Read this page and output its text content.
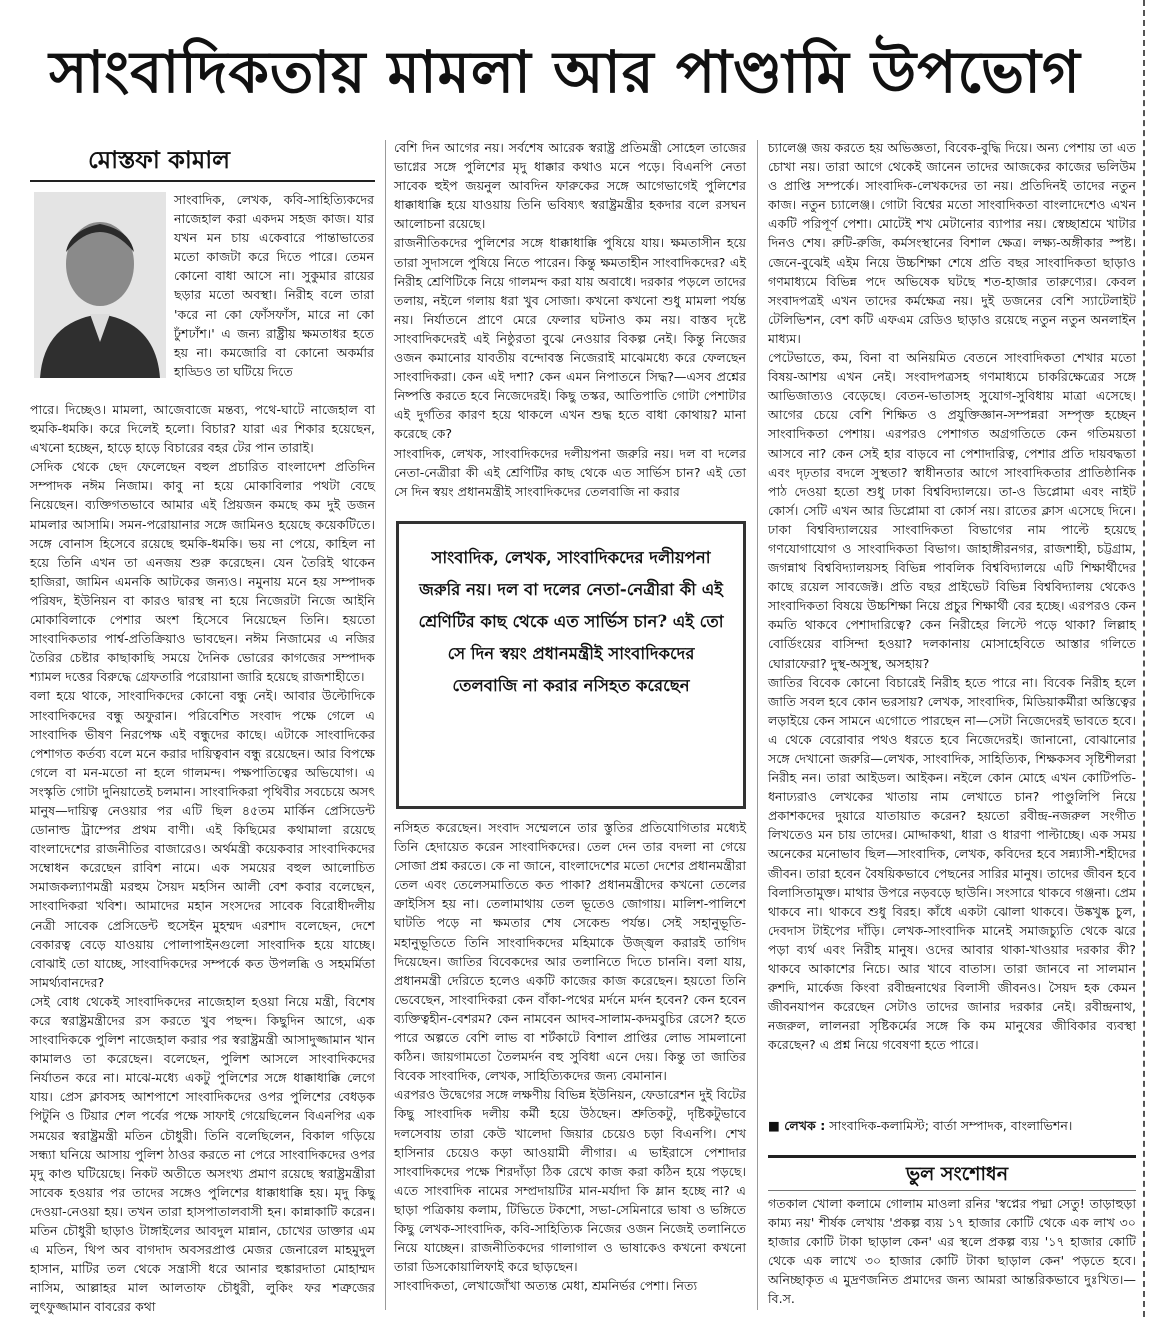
সাংবাদিকতায় মামলা আর পাণ্ডামি উপভোগ
মোস্তফা কামাল

সাংবাদিক, লেখক, কবি-সাহিত্যিকদের নাজেহাল করা একদম সহজ কাজ। যার যখন মন চায় একেবারে পান্তাভাতের মতো কাজটা করে দিতে পারে। তেমন কোনো বাধা আসে না। সুকুমার রায়ের ছড়ার মতো অবস্থা। নিরীহ বলে তারা 'করে না কো ফোঁসফাঁস, মারে না কো ঢুঁশঢাঁশ।' এ জন্য রাষ্ট্রীয় ক্ষমতাধর হতে হয় না। কমজোরি বা কোনো অকর্মার হাড্ডিও তা ঘটিয়ে দিতে

পারে। দিচ্ছেও। মামলা, আজেবাজে মন্তব্য, পথে-ঘাটে নাজেহাল বা হুমকি-ধমকি। করে দিলেই হলো। বিচার? যারা এর শিকার হয়েছেন, এখনো হচ্ছেন, হাড়ে হাড়ে বিচারের বহর টের পান তারাই।

সেদিক থেকে ছেদ ফেলেছেন বহুল প্রচারিত বাংলাদেশ প্রতিদিন সম্পাদক নঈম নিজাম। কাবু না হয়ে মোকাবিলার পথটা বেছে নিয়েছেন। ব্যক্তিগতভাবে আমার এই প্রিয়জন কমছে কম দুই ডজন মামলার আসামি। সমন-পরোয়ানার সঙ্গে জামিনও হয়েছে কয়েকটিতে। সঙ্গে বোনাস হিসেবে রয়েছে হুমকি-ধমকি। ভয় না পেয়ে, কাহিল না হয়ে তিনি এখন তা এনজয় শুরু করেছেন। যেন তৈরিই থাকেন হাজিরা, জামিন এমনকি আটকের জন্যও। নমুনায় মনে হয় সম্পাদক পরিষদ, ইউনিয়ন বা কারও দ্বারস্থ না হয়ে নিজেরটা নিজে আইনি মোকাবিলাকে পেশার অংশ হিসেবে নিয়েছেন তিনি। হয়তো সাংবাদিকতার পার্শ্ব-প্রতিক্রিয়াও ভাবছেন। নঈম নিজামের এ নজির তৈরির চেষ্টার কাছাকাছি সময়ে দৈনিক ভোরের কাগজের সম্পাদক শ্যামল দত্তের বিরুদ্ধে গ্রেফতারি পরোয়ানা জারি হয়েছে রাজশাহীতে।

বলা হয়ে থাকে, সাংবাদিকদের কোনো বন্ধু নেই। আবার উল্টোদিকে সাংবাদিকদের বন্ধু অফুরান। পরিবেশিত সংবাদ পক্ষে গেলে এ সাংবাদিক ভীষণ নিরপেক্ষ এই বন্ধুদের কাছে। এটাকে সাংবাদিকের পেশাগত কর্তব্য বলে মনে করার দায়িত্ববান বন্ধু রয়েছেন। আর বিপক্ষে গেলে বা মন-মতো না হলে গালমন্দ। পক্ষপাতিত্বের অভিযোগ। এ সংস্কৃতি গোটা দুনিয়াতেই চলমান। সাংবাদিকরা পৃথিবীর সবচেয়ে অসৎ মানুষ—দায়িত্ব নেওয়ার পর এটি ছিল ৪৫তম মার্কিন প্রেসিডেন্ট ডোনাল্ড ট্রাম্পের প্রথম বাণী। এই কিছিমের কথামালা রয়েছে বাংলাদেশের রাজনীতির বাজারেও। অর্থমন্ত্রী কয়েকবার সাংবাদিকদের সম্বোধন করেছেন রাবিশ নামে। এক সময়ের বহুল আলোচিত সমাজকল্যাণমন্ত্রী মরহুম সৈয়দ মহসিন আলী বেশ কবার বলেছেন, সাংবাদিকরা খবিশ। আমাদের মহান সংসদের সাবেক বিরোধীদলীয় নেত্রী সাবেক প্রেসিডেন্ট হুসেইন মুহম্মদ এরশাদ বলেছেন, দেশে বেকারত্ব বেড়ে যাওয়ায় পোলাপাইনগুলো সাংবাদিক হয়ে যাচ্ছে। বোঝাই তো যাচ্ছে, সাংবাদিকদের সম্পর্কে কত উপলব্ধি ও সহমর্মিতা সামর্থ্যবানদের?

সেই বোধ থেকেই সাংবাদিকদের নাজেহাল হওয়া নিয়ে মন্ত্রী, বিশেষ করে স্বরাষ্ট্রমন্ত্রীদের রস করতে খুব পছন্দ। কিছুদিন আগে, এক সাংবাদিককে পুলিশ নাজেহাল করার পর স্বরাষ্ট্রমন্ত্রী আসাদুজ্জামান খান কামালও তা করেছেন। বলেছেন, পুলিশ আসলে সাংবাদিকদের নির্যাতন করে না। মাঝে-মধ্যে একটু পুলিশের সঙ্গে ধাক্কাধাক্কি লেগে যায়। প্রেস ক্লাবসহ আশপাশে সাংবাদিকদের ওপর পুলিশের বেধড়ক পিটুনি ও টিয়ার শেল পর্বের পক্ষে সাফাই গেয়েছিলেন বিএনপির এক সময়ের স্বরাষ্ট্রমন্ত্রী মতিন চৌধুরী। তিনি বলেছিলেন, বিকাল গড়িয়ে সন্ধ্যা ঘনিয়ে আসায় পুলিশ ঠাওর করতে না পেরে সাংবাদিকদের ওপর মৃদু কাণ্ড ঘটিয়েছে। নিকট অতীতে অসংখ্য প্রমাণ রয়েছে স্বরাষ্ট্রমন্ত্রীরা সাবেক হওয়ার পর তাদের সঙ্গেও পুলিশের ধাক্কাধাক্কি হয়। মৃদু কিছু দেওয়া-নেওয়া হয়। তখন তারা হাসপাতালবাসী হন। কান্নাকাটি করেন। মতিন চৌধুরী ছাড়াও টাঙ্গাইলের আবদুল মান্নান, চোখের ডাক্তার এম এ মতিন, থিপ অব বাগদাদ অবসরপ্রাপ্ত মেজর জেনারেল মাহমুদুল হাসান, মাটির তল থেকে সন্ত্রাসী ধরে আনার হুঙ্কারদাতা মোহাম্মদ নাসিম, আল্লাহর মাল আলতাফ চৌধুরী, লুকিং ফর শত্রুজের লুৎফুজ্জামান বাবরের কথা

বেশি দিন আগের নয়। সর্বশেষ আরেক স্বরাষ্ট্র প্রতিমন্ত্রী সোহেল তাজের ভাগ্নের সঙ্গে পুলিশের মৃদু ধাক্কার কথাও মনে পড়ে। বিএনপি নেতা সাবেক হুইপ জয়নুল আবদিন ফারুকের সঙ্গে আগেভাগেই পুলিশের ধাক্কাধাক্কি হয়ে যাওয়ায় তিনি ভবিষ্যৎ স্বরাষ্ট্রমন্ত্রীর হকদার বলে রসঘন আলোচনা রয়েছে।

রাজনীতিকদের পুলিশের সঙ্গে ধাক্কাধাক্কি পুষিয়ে যায়। ক্ষমতাসীন হয়ে তারা সুদাসলে পুষিয়ে নিতে পারেন। কিন্তু ক্ষমতাহীন সাংবাদিকদের? এই নিরীহ শ্রেণিটিকে নিয়ে গালমন্দ করা যায় অবাধে। দরকার পড়লে তাদের তলায়, নইলে গলায় ধরা খুব সোজা। কখনো কখনো শুধু মামলা পর্যন্ত নয়। নির্যাতনে প্রাণে মেরে ফেলার ঘটনাও কম নয়। বাস্তব দৃষ্টে সাংবাদিকদেরই এই নিষ্ঠুরতা বুঝে নেওয়ার বিকল্প নেই। কিন্তু নিজের ওজন কমানোর যাবতীয় বন্দোবস্ত নিজেরাই মাঝেমধ্যে করে ফেলছেন সাংবাদিকরা। কেন এই দশা? কেন এমন নিপাতনে সিদ্ধ?—এসব প্রশ্নের নিষ্পত্তি করতে হবে নিজেদেরই। কিছু তস্কর, আতিপাতি গোটা পেশাটার এই দুর্গতির কারণ হয়ে থাকলে এখন শুদ্ধ হতে বাধা কোথায়? মানা করেছে কে?

সাংবাদিক, লেখক, সাংবাদিকদের দলীয়পনা জরুরি নয়। দল বা দলের নেতা-নেত্রীরা কী এই শ্রেণিটির কাছ থেকে এত সার্ভিস চান? এই তো সে দিন স্বয়ং প্রধানমন্ত্রীই সাংবাদিকদের তেলবাজি না করার

সাংবাদিক, লেখক, সাংবাদিকদের দলীয়পনা জরুরি নয়। দল বা দলের নেতা-নেত্রীরা কী এই শ্রেণিটির কাছ থেকে এত সার্ভিস চান? এই তো সে দিন স্বয়ং প্রধানমন্ত্রীই সাংবাদিকদের তেলবাজি না করার নসিহত করেছেন

নসিহত করেছেন। সংবাদ সম্মেলনে তার স্তুতির প্রতিযোগিতার মধ্যেই তিনি হেদায়েত করেন সাংবাদিকদের। তেল দেন তার বদলা না গেয়ে সোজা প্রশ্ন করতে। কে না জানে, বাংলাদেশের মতো দেশের প্রধানমন্ত্রীরা তেল এবং তেলেসমাতিতে কত পাকা? প্রধানমন্ত্রীদের কখনো তেলের ক্রাইসিস হয় না। তেলামাথায় তেল ভূতেও জোগায়। মালিশ-পালিশে ঘাটতি পড়ে না ক্ষমতার শেষ সেকেন্ড পর্যন্ত। সেই সহানুভূতি-মহানুভূতিতে তিনি সাংবাদিকদের মহিমাকে উজ্জ্বল করারই তাগিদ দিয়েছেন। জাতির বিবেকদের আর তলানিতে দিতে চাননি। বলা যায়, প্রধানমন্ত্রী দেরিতে হলেও একটি কাজের কাজ করেছেন। হয়তো তিনি ভেবেছেন, সাংবাদিকরা কেন বাঁকা-পথের মর্দনে মর্দন হবেন? কেন হবেন ব্যক্তিত্বহীন-বেশরম? কেন নামবেন আদব-সালাম-কদমবুচির রেসে? হতে পারে অল্পতে বেশি লাভ বা শর্টকাটে বিশাল প্রাপ্তির লোভ সামলানো কঠিন। জায়গামতো তৈলমর্দন বহু সুবিধা এনে দেয়। কিন্তু তা জাতির বিবেক সাংবাদিক, লেখক, সাহিত্যিকদের জন্য বেমানান।

এরপরও উদ্বেগের সঙ্গে লক্ষণীয় বিভিন্ন ইউনিয়ন, ফেডারেশন দুই বিটের কিছু সাংবাদিক দলীয় কর্মী হয়ে উঠছেন। শ্রুতিকটু, দৃষ্টিকটুভাবে দলসেবায় তারা কেউ খালেদা জিয়ার চেয়েও চড়া বিএনপি। শেখ হাসিনার চেয়েও কড়া আওয়ামী লীগার। এ ভাইরাসে পেশাদার সাংবাদিকদের পক্ষে শিরদাঁড়া ঠিক রেখে কাজ করা কঠিন হয়ে পড়ছে। এতে সাংবাদিক নামের সম্প্রদায়টির মান-মর্যাদা কি ম্লান হচ্ছে না? এ ছাড়া পত্রিকায় কলাম, টিভিতে টকশো, সভা-সেমিনারে ভাষা ও ভঙ্গিতে কিছু লেখক-সাংবাদিক, কবি-সাহিত্যিক নিজের ওজন নিজেই তলানিতে নিয়ে যাচ্ছেন। রাজনীতিকদের গালাগাল ও ভাষাকেও কখনো কখনো তারা ডিসকোয়ালিফাই করে ছাড়ছেন।

সাংবাদিকতা, লেখাজোঁখা অত্যন্ত মেধা, শ্রমনির্ভর পেশা। নিত্য

চ্যালেঞ্জ জয় করতে হয় অভিজ্ঞতা, বিবেক-বুদ্ধি দিয়ে। অন্য পেশায় তা এত চোখা নয়। তারা আগে থেকেই জানেন তাদের আজকের কাজের ভলিউম ও প্রাপ্তি সম্পর্কে। সাংবাদিক-লেখকদের তা নয়। প্রতিদিনই তাদের নতুন কাজ। নতুন চ্যালেঞ্জ। গোটা বিশ্বের মতো সাংবাদিকতা বাংলাদেশেও এখন একটি পরিপূর্ণ পেশা। মোটেই শখ মেটানোর ব্যাপার নয়। স্বেচ্ছাশ্রমে খাটার দিনও শেষ। রুটি-রুজি, কর্মসংস্থানের বিশাল ক্ষেত্র। লক্ষ্য-অঙ্গীকার স্পষ্ট। জেনে-বুঝেই এইম নিয়ে উচ্চশিক্ষা শেষে প্রতি বছর সাংবাদিকতা ছাড়াও গণমাধ্যমে বিভিন্ন পদে অভিষেক ঘটছে শত-হাজার তারুণ্যের। কেবল সংবাদপত্রই এখন তাদের কর্মক্ষেত্র নয়। দুই ডজনের বেশি স্যাটেলাইট টেলিভিশন, বেশ কটি এফএম রেডিও ছাড়াও রয়েছে নতুন নতুন অনলাইন মাধ্যম।

পেটেভাতে, কম, বিনা বা অনিয়মিত বেতনে সাংবাদিকতা শেখার মতো বিষয়-আশয় এখন নেই। সংবাদপত্রসহ গণমাধ্যমে চাকরিক্ষেত্রের সঙ্গে আভিজাত্যও বেড়েছে। বেতন-ভাতাসহ সুযোগ-সুবিধায় মাত্রা এসেছে। আগের চেয়ে বেশি শিক্ষিত ও প্রযুক্তিজ্ঞান-সম্পন্নরা সম্পৃক্ত হচ্ছেন সাংবাদিকতা পেশায়। এরপরও পেশাগত অগ্রগতিতে কেন গতিময়তা আসবে না? কেন সেই হার বাড়বে না পেশাদারিত্ব, পেশার প্রতি দায়বদ্ধতা এবং দৃঢ়তার বদলে সুস্থতা? স্বাধীনতার আগে সাংবাদিকতার প্রাতিষ্ঠানিক পাঠ দেওয়া হতো শুধু ঢাকা বিশ্ববিদ্যালয়ে। তা-ও ডিপ্লোমা এবং নাইট কোর্স। সেটি এখন আর ডিপ্লোমা বা কোর্স নয়। রাতের ক্লাস এসেছে দিনে। ঢাকা বিশ্ববিদ্যালয়ের সাংবাদিকতা বিভাগের নাম পাল্টে হয়েছে গণযোগাযোগ ও সাংবাদিকতা বিভাগ। জাহাঙ্গীরনগর, রাজশাহী, চট্টগ্রাম, জগন্নাথ বিশ্ববিদ্যালয়সহ বিভিন্ন পাবলিক বিশ্ববিদ্যালয়ে এটি শিক্ষার্থীদের কাছে রয়েল সাবজেক্ট। প্রতি বছর প্রাইভেট বিভিন্ন বিশ্ববিদ্যালয় থেকেও সাংবাদিকতা বিষয়ে উচ্চশিক্ষা নিয়ে প্রচুর শিক্ষার্থী বের হচ্ছে। এরপরও কেন কমতি থাকবে পেশাদারিত্বে? কেন নিরীহের লিস্টে পড়ে থাকা? লিল্লাহ বোর্ডিংয়ের বাসিন্দা হওয়া? দলকানায় মোসাহেবিতে আস্তার গলিতে ঘোরাফেরা? দুস্থ-অসুস্থ, অসহায়?

জাতির বিবেক কোনো বিচারেই নিরীহ হতে পারে না। বিবেক নিরীহ হলে জাতি সবল হবে কোন ভরসায়? লেখক, সাংবাদিক, মিডিয়াকর্মীরা অস্তিত্বের লড়াইয়ে কেন সামনে এগোতে পারছেন না—সেটা নিজেদেরই ভাবতে হবে। এ থেকে বেরোবার পথও ধরতে হবে নিজেদেরই। জানানো, বোঝানোর সঙ্গে দেখানো জরুরি—লেখক, সাংবাদিক, সাহিত্যিক, শিক্ষকসব সৃষ্টিশীলরা নিরীহ নন। তারা আইডল। আইকন। নইলে কোন মোহে এখন কোটিপতি-ধনাঢ্যরাও লেখকের খাতায় নাম লেখাতে চান? পাণ্ডুলিপি নিয়ে প্রকাশকদের দুয়ারে যাতায়াত করেন? হয়তো রবীন্দ্র-নজরুল সংগীত লিখতেও মন চায় তাদের। মোদ্দাকথা, ধারা ও ধারণা পাল্টাচ্ছে। এক সময় অনেকের মনোভাব ছিল—সাংবাদিক, লেখক, কবিদের হবে সন্ন্যাসী-শহীদের জীবন। তারা হবেন বৈষয়িকভাবে পেছনের সারির মানুষ। তাদের জীবন হবে বিলাসিতামুক্ত। মাথার উপরে নড়বড়ে ছাউনি। সংসারে থাকবে গঞ্জনা। প্রেম থাকবে না। থাকবে শুধু বিরহ। কাঁধে একটা ঝোলা থাকবে। উষ্কখুষ্ক চুল, দেবদাস টাইপের দাঁড়ি। লেখক-সাংবাদিক মানেই সমাজচ্যুতি থেকে ঝরে পড়া ব্যর্থ এবং নিরীহ মানুষ। ওদের আবার থাকা-খাওয়ার দরকার কী? থাকবে আকাশের নিচে। আর খাবে বাতাস। তারা জানবে না সালমান রুশদি, মার্কেজ কিংবা রবীন্দ্রনাথের বিলাসী জীবনও। সৈয়দ হক কেমন জীবনযাপন করেছেন সেটাও তাদের জানার দরকার নেই। রবীন্দ্রনাথ, নজরুল, লালনরা সৃষ্টিকর্মের সঙ্গে কি কম মানুষের জীবিকার ব্যবস্থা করেছেন? এ প্রশ্ন নিয়ে গবেষণা হতে পারে।

■ লেখক : সাংবাদিক-কলামিস্ট; বার্তা সম্পাদক, বাংলাভিশন।
ভুল সংশোধন
গতকাল খোলা কলামে গোলাম মাওলা রনির 'স্বপ্নের পদ্মা সেতু! তাড়াহুড়া কাম্য নয়' শীর্ষক লেখায় 'প্রকল্প ব্যয় ১৭ হাজার কোটি থেকে এক লাখ ৩০ হাজার কোটি টাকা ছাড়াল কেন' এর স্থলে প্রকল্প ব্যয় '১৭ হাজার কোটি থেকে এক লাখে ৩০ হাজার কোটি টাকা ছাড়াল কেন' পড়তে হবে। অনিচ্ছাকৃত এ মুদ্রণজনিত প্রমাদের জন্য আমরা আন্তরিকভাবে দুঃখিত।—বি.স.
